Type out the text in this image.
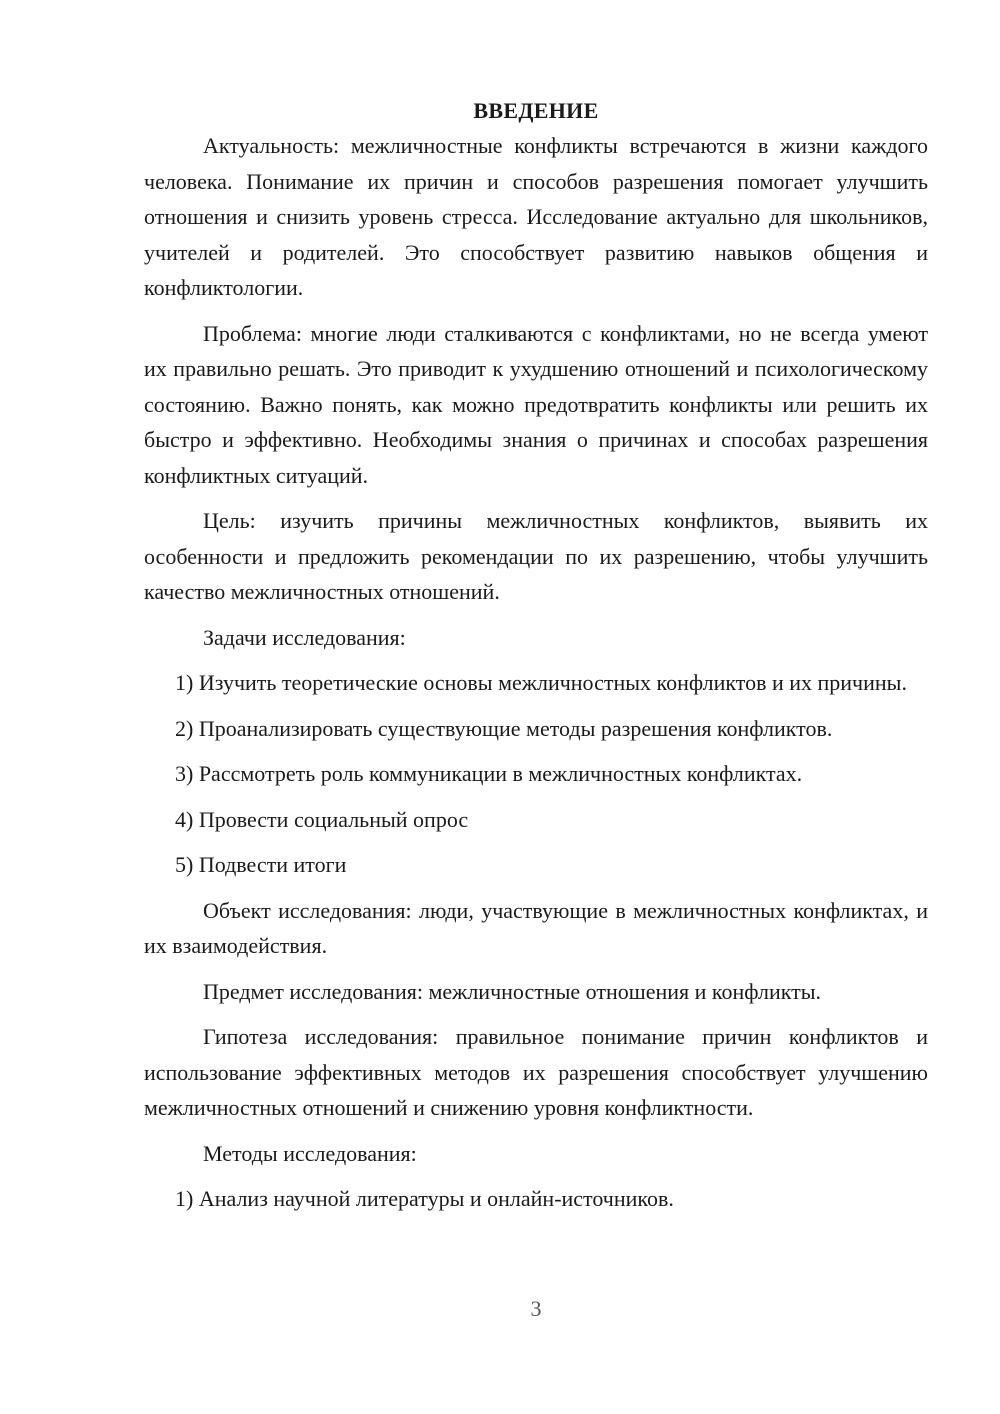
ВВЕДЕНИЕ

Актуальность: межличностные конфликты встречаются в жизни каждого человека. Понимание их причин и способов разрешения помогает улучшить отношения и снизить уровень стресса. Исследование актуально для школьников, учителей и родителей. Это способствует развитию навыков общения и конфликтологии.

Проблема: многие люди сталкиваются с конфликтами, но не всегда умеют их правильно решать. Это приводит к ухудшению отношений и психологическому состоянию. Важно понять, как можно предотвратить конфликты или решить их быстро и эффективно. Необходимы знания о причинах и способах разрешения конфликтных ситуаций.

Цель: изучить причины межличностных конфликтов, выявить их особенности и предложить рекомендации по их разрешению, чтобы улучшить качество межличностных отношений.

Задачи исследования:

1) Изучить теоретические основы межличностных конфликтов и их причины.

2) Проанализировать существующие методы разрешения конфликтов.

3) Рассмотреть роль коммуникации в межличностных конфликтах.

4) Провести социальный опрос

5) Подвести итоги

Объект исследования: люди, участвующие в межличностных конфликтах, и их взаимодействия.

Предмет исследования: межличностные отношения и конфликты.

Гипотеза исследования: правильное понимание причин конфликтов и использование эффективных методов их разрешения способствует улучшению межличностных отношений и снижению уровня конфликтности.

Методы исследования:

1) Анализ научной литературы и онлайн-источников.

3
